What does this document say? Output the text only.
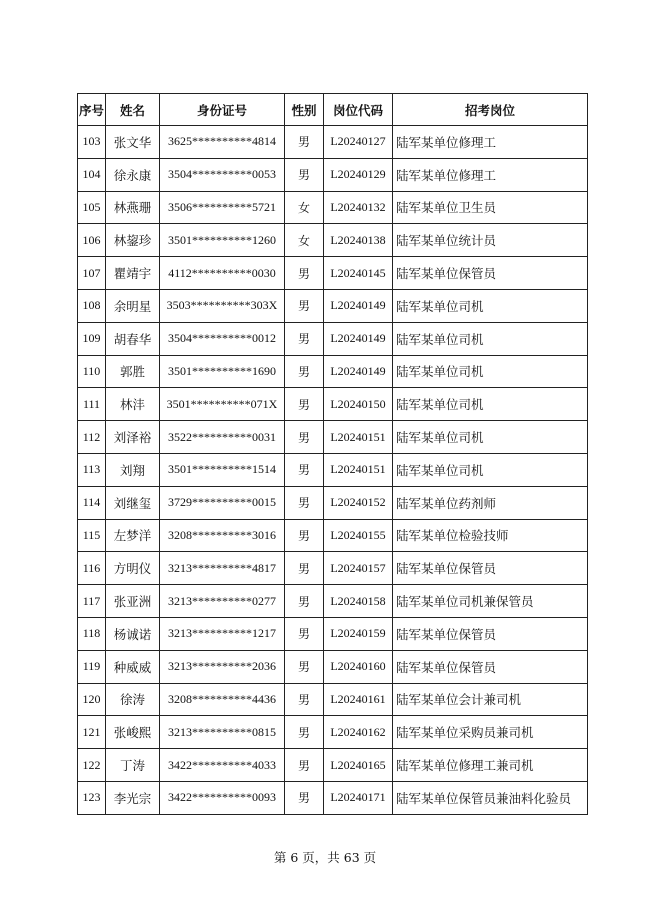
序号	姓名	身份证号	性别	岗位代码	招考岗位
103	张文华	3625**********4814	男	L20240127	陆军某单位修理工
104	徐永康	3504**********0053	男	L20240129	陆军某单位修理工
105	林燕珊	3506**********5721	女	L20240132	陆军某单位卫生员
106	林鋆珍	3501**********1260	女	L20240138	陆军某单位统计员
107	瞿靖宇	4112**********0030	男	L20240145	陆军某单位保管员
108	余明星	3503**********303X	男	L20240149	陆军某单位司机
109	胡春华	3504**********0012	男	L20240149	陆军某单位司机
110	郭胜	3501**********1690	男	L20240149	陆军某单位司机
111	林沣	3501**********071X	男	L20240150	陆军某单位司机
112	刘泽裕	3522**********0031	男	L20240151	陆军某单位司机
113	刘翔	3501**********1514	男	L20240151	陆军某单位司机
114	刘继玺	3729**********0015	男	L20240152	陆军某单位药剂师
115	左梦洋	3208**********3016	男	L20240155	陆军某单位检验技师
116	方明仪	3213**********4817	男	L20240157	陆军某单位保管员
117	张亚洲	3213**********0277	男	L20240158	陆军某单位司机兼保管员
118	杨诚诺	3213**********1217	男	L20240159	陆军某单位保管员
119	种威威	3213**********2036	男	L20240160	陆军某单位保管员
120	徐涛	3208**********4436	男	L20240161	陆军某单位会计兼司机
121	张峻熙	3213**********0815	男	L20240162	陆军某单位采购员兼司机
122	丁涛	3422**********4033	男	L20240165	陆军某单位修理工兼司机
123	李光宗	3422**********0093	男	L20240171	陆军某单位保管员兼油料化验员
第 6 页，共 63 页
